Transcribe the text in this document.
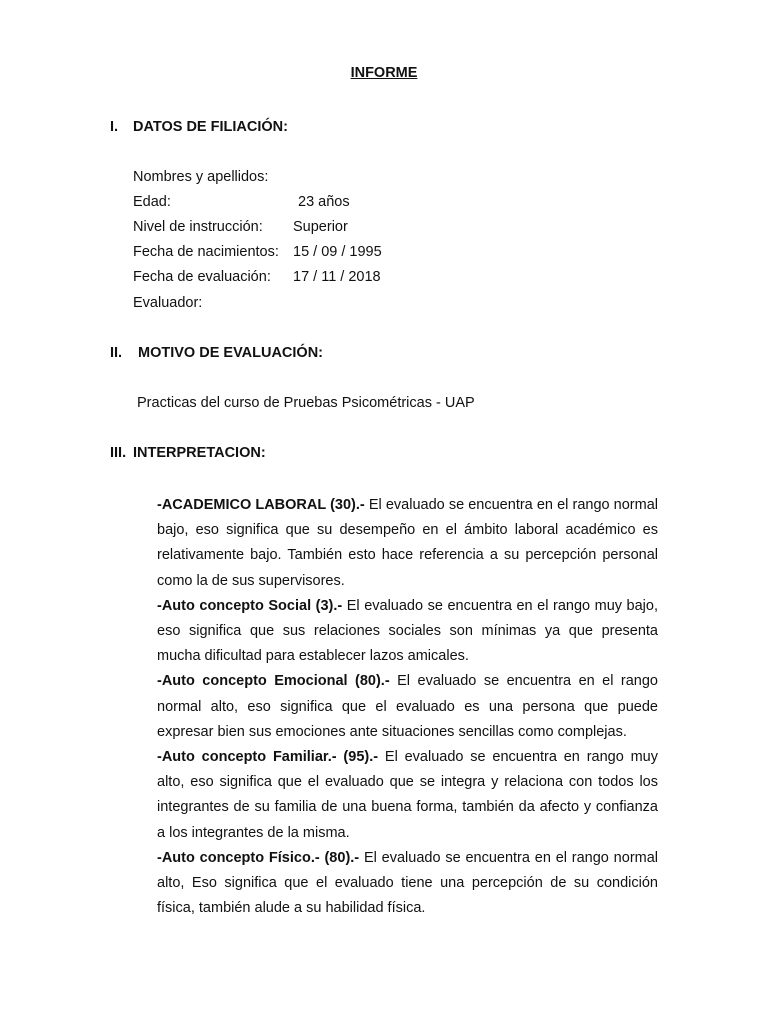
INFORME
I. DATOS DE FILIACIÓN:
Nombres y apellidos:
Edad:	23 años
Nivel de instrucción: Superior
Fecha de nacimientos: 15 / 09 / 1995
Fecha de evaluación: 17 / 11 / 2018
Evaluador:
II. MOTIVO DE EVALUACIÓN:
Practicas del curso de Pruebas Psicométricas - UAP
III. INTERPRETACION:

-ACADEMICO LABORAL (30).- El evaluado se encuentra en el rango normal bajo, eso significa que su desempeño en el ámbito laboral académico es relativamente bajo. También esto hace referencia a su percepción personal como la de sus supervisores.

-Auto concepto Social (3).- El evaluado se encuentra en el rango muy bajo, eso significa que sus relaciones sociales son mínimas ya que presenta mucha dificultad para establecer lazos amicales.

-Auto concepto Emocional (80).- El evaluado se encuentra en el rango normal alto, eso significa que el evaluado es una persona que puede expresar bien sus emociones ante situaciones sencillas como complejas.

-Auto concepto Familiar.- (95).- El evaluado se encuentra en rango muy alto, eso significa que el evaluado que se integra y relaciona con todos los integrantes de su familia de una buena forma, también da afecto y confianza a los integrantes de la misma.

-Auto concepto Físico.- (80).- El evaluado se encuentra en el rango normal alto, Eso significa que el evaluado tiene una percepción de su condición física, también alude a su habilidad física.
